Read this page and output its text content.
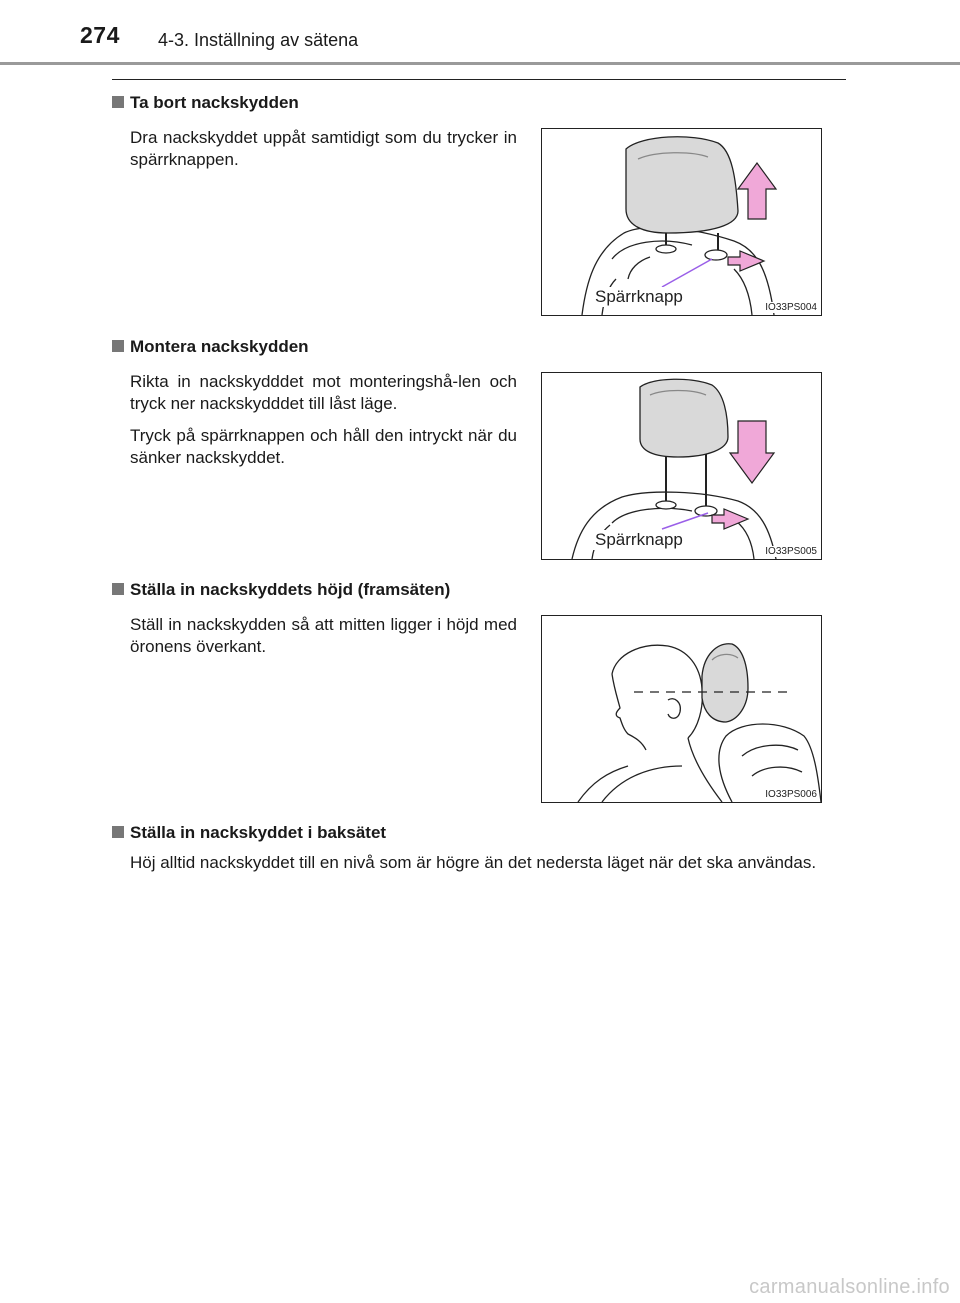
274 4-3. Inställning av sätena
Ta bort nackskydden

Dra nackskyddet uppåt samtidigt som du trycker in spärrknappen.

Spärrknapp
IO33PS004
Montera nackskydden

Rikta in nackskydddet mot monteringshå-len och tryck ner nackskydddet till låst läge.

Tryck på spärrknappen och håll den intryckt när du sänker nackskyddet.

Spärrknapp
IO33PS005
Ställa in nackskyddets höjd (framsäten)

Ställ in nackskydden så att mitten ligger i höjd med öronens överkant.

IO33PS006
Ställa in nackskyddet i baksätet

Höj alltid nackskyddet till en nivå som är högre än det nedersta läget när det ska användas.

carmanualsonline.info
